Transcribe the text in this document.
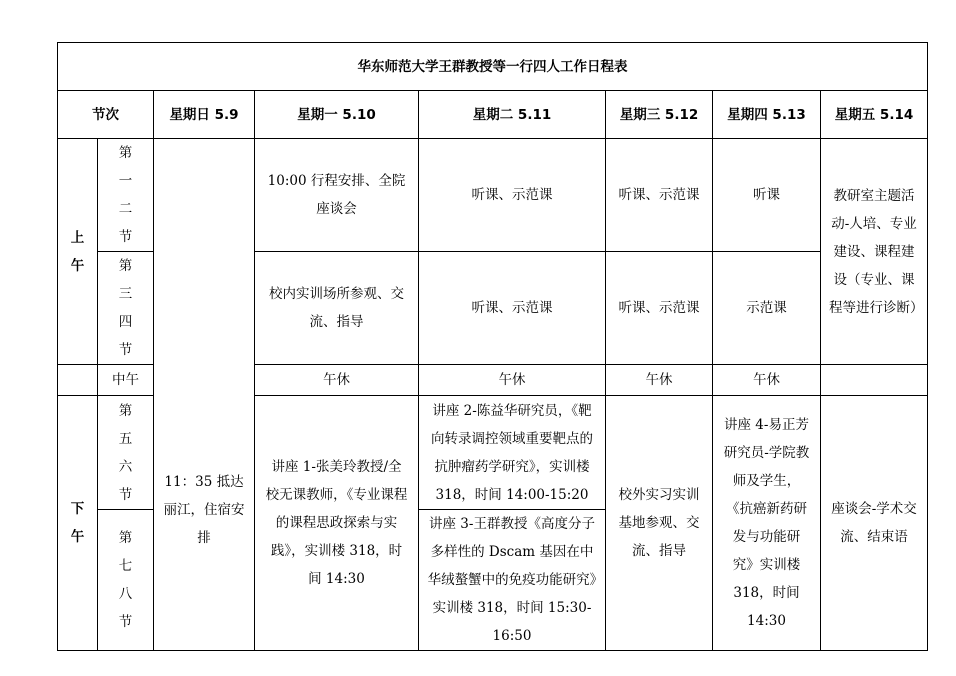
华东师范大学王群教授等一行四人工作日程表							
节次		星期日 5.9	星期一 5.10	星期二 5.11	星期三 5.12	星期四 5.13	星期五 5.14

上午	第一二节	11：35 抵达丽江，住宿安排	10:00 行程安排、全院座谈会	听课、示范课	听课、示范课	听课	教研室主题活动-人培、专业建设、课程建设（专业、课程等进行诊断）

	第三四节		校内实训场所参观、交流、指导	听课、示范课	听课、示范课	示范课	
	中午		午休	午休	午休	午休	

下午	第五六节		讲座 1-张美玲教授/全校无课教师，《专业课程的课程思政探索与实践》，实训楼 318，时间 14:30	讲座 2-陈益华研究员，《靶向转录调控领域重要靶点的抗肿瘤药学研究》，实训楼 318，时间 14:00-15:20	校外实习实训基地参观、交流、指导	讲座 4-易正芳研究员-学院教师及学生，《抗癌新药研发与功能研究》实训楼 318，时间 14:30	座谈会-学术交流、结束语

	第七八节			讲座 3-王群教授《高度分子多样性的 Dscam 基因在中华绒螯蟹中的免疫功能研究》实训楼 318，时间 15:30-16:50			
